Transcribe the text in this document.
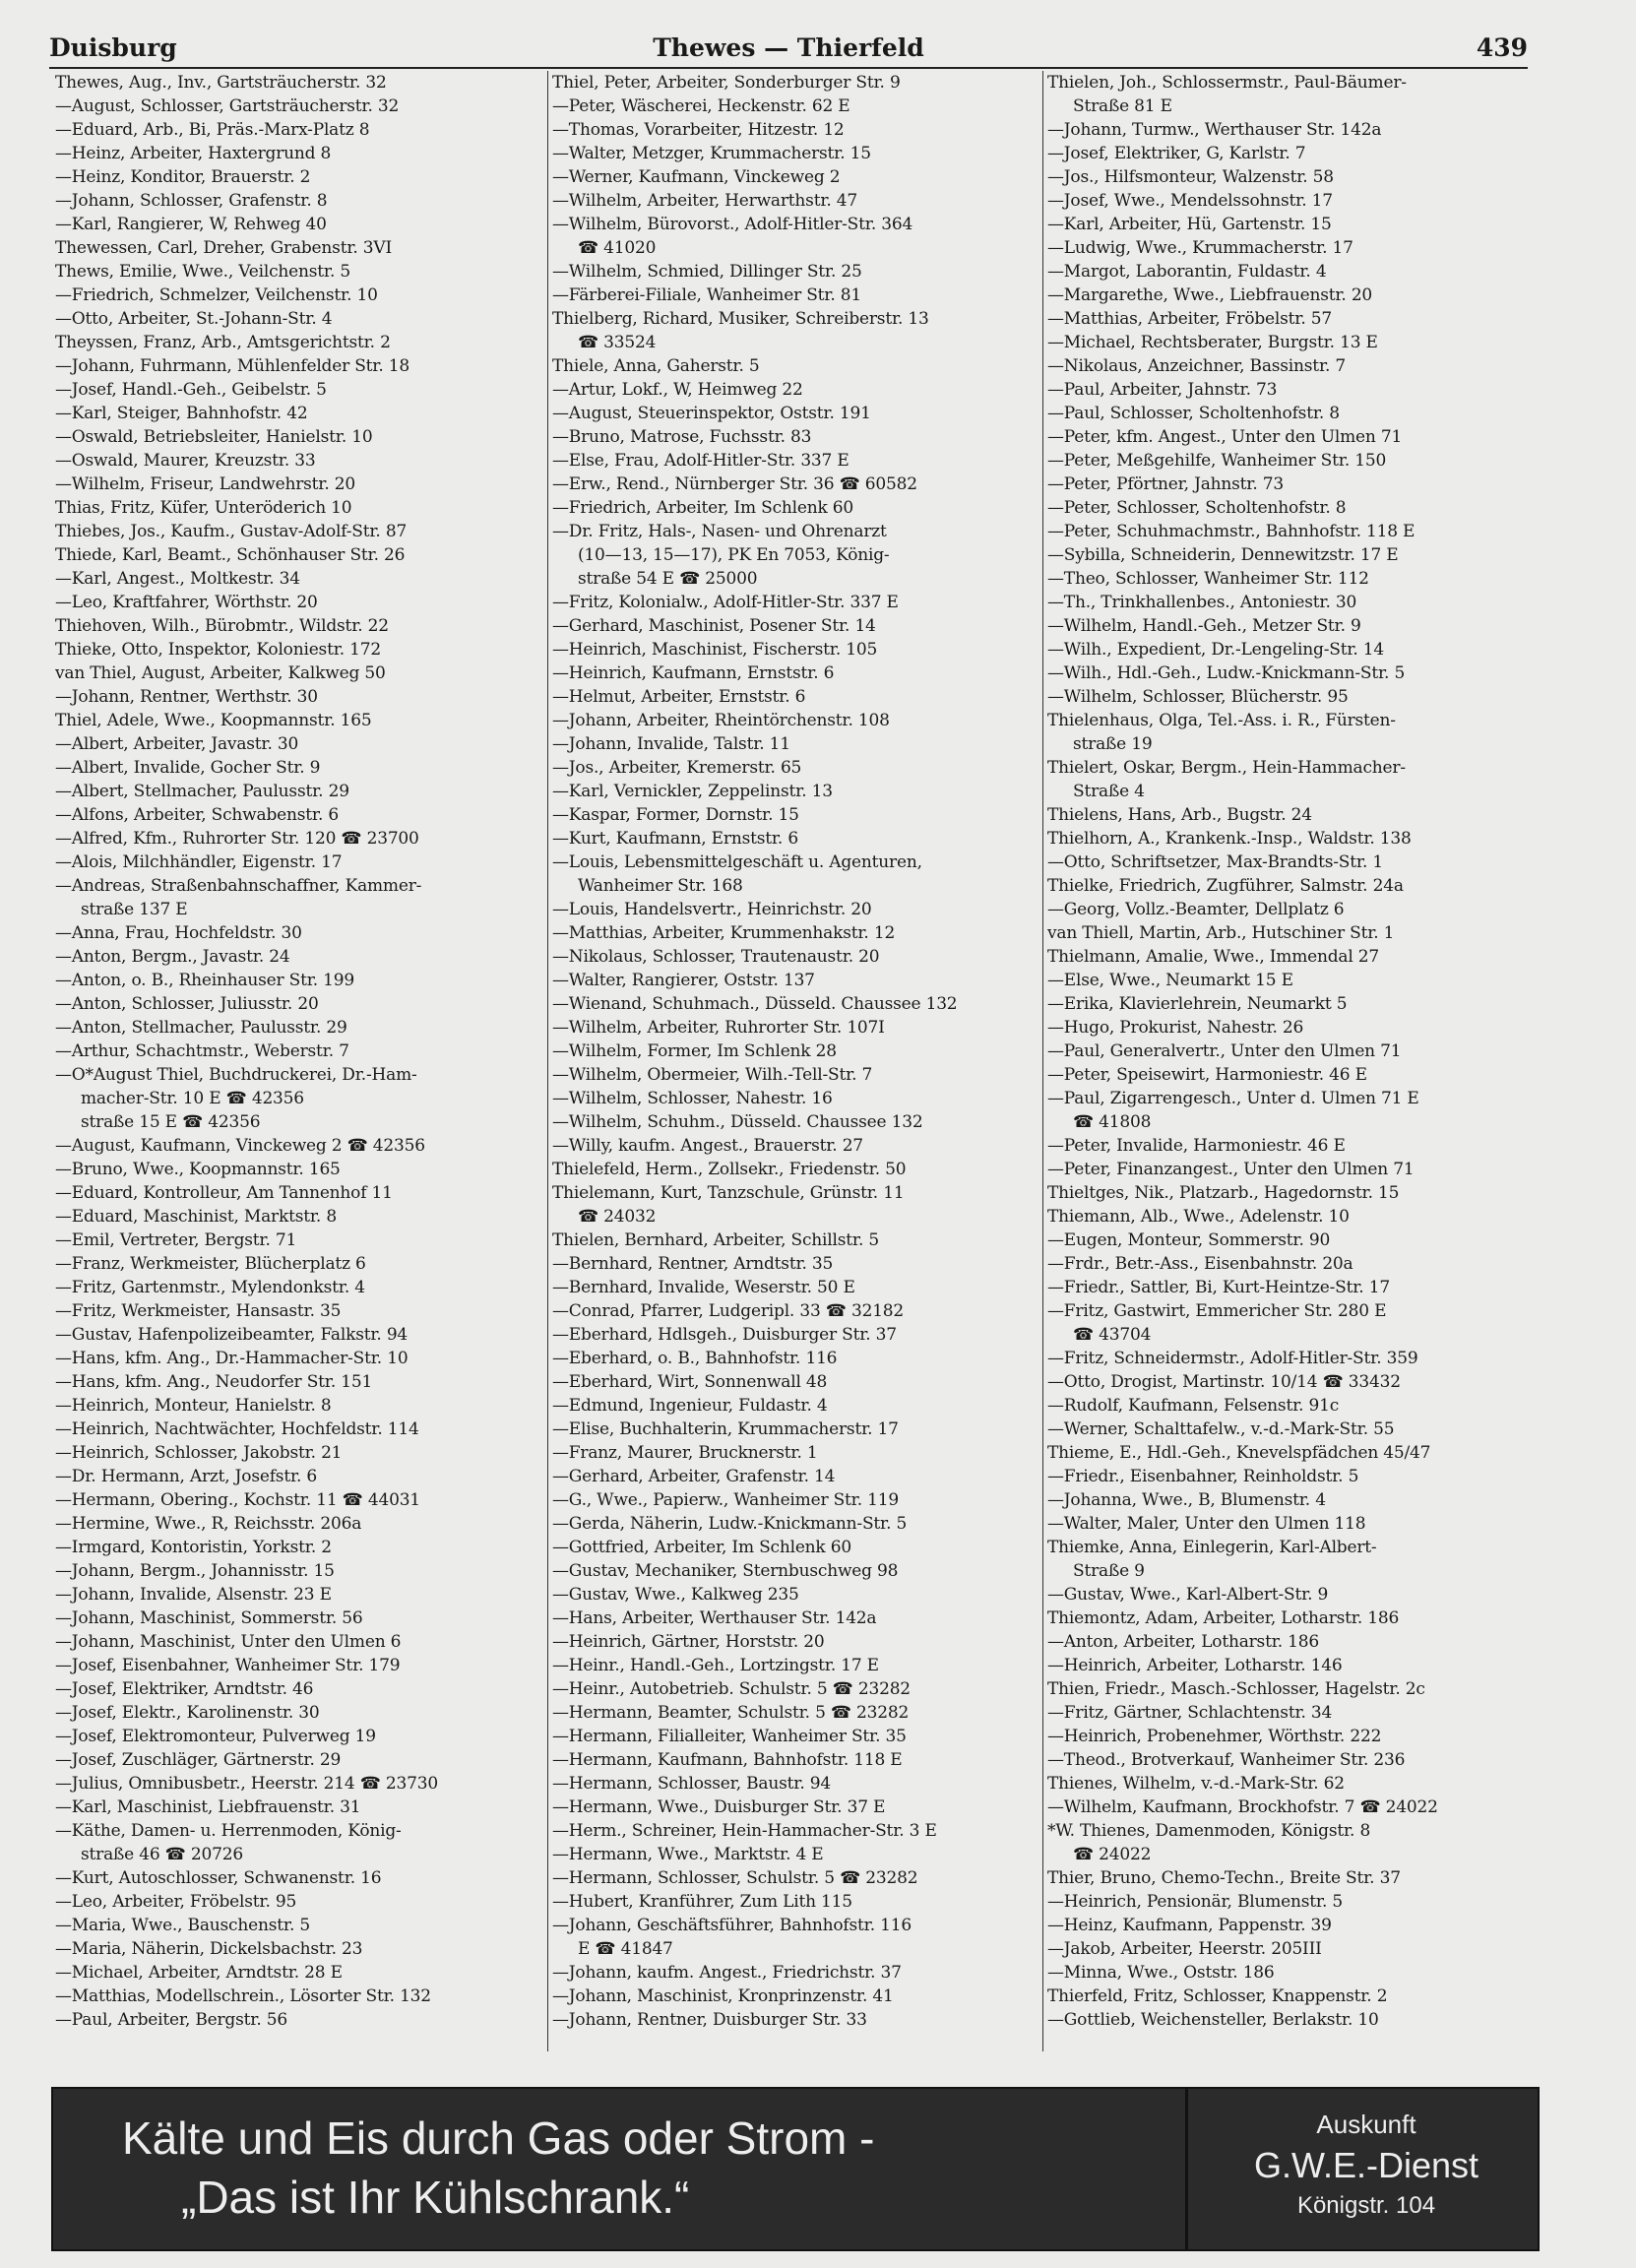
Duisburg	Thewes — Thierfeld	439
Thewes, Aug., Inv., Gartsträucherstr. 32
—August, Schlosser, Gartsträucherstr. 32
—Eduard, Arb., Bi, Präs.-Marx-Platz 8
—Heinz, Arbeiter, Haxtergrund 8
—Heinz, Konditor, Brauerstr. 2
—Johann, Schlosser, Grafenstr. 8
—Karl, Rangierer, W, Rehweg 40
Thewessen, Carl, Dreher, Grabenstr. 3VI
Thews, Emilie, Wwe., Veilchenstr. 5
—Friedrich, Schmelzer, Veilchenstr. 10
—Otto, Arbeiter, St.-Johann-Str. 4
Theyssen, Franz, Arb., Amtsgerichtstr. 2
—Johann, Fuhrmann, Mühlenfelder Str. 18
—Josef, Handl.-Geh., Geibelstr. 5
—Karl, Steiger, Bahnhofstr. 42
—Oswald, Betriebsleiter, Hanielstr. 10
—Oswald, Maurer, Kreuzstr. 33
—Wilhelm, Friseur, Landwehrstr. 20
Thias, Fritz, Küfer, Unteröderich 10
Thiebes, Jos., Kaufm., Gustav-Adolf-Str. 87
Thiede, Karl, Beamt., Schönhauser Str. 26
—Karl, Angest., Moltkestr. 34
—Leo, Kraftfahrer, Wörthstr. 20
Thiehoven, Wilh., Bürobmtr., Wildstr. 22
Thieke, Otto, Inspektor, Koloniestr. 172
van Thiel, August, Arbeiter, Kalkweg 50
—Johann, Rentner, Werthstr. 30
Thiel, Adele, Wwe., Koopmannstr. 165
—Albert, Arbeiter, Javastr. 30
—Albert, Invalide, Gocher Str. 9
—Albert, Stellmacher, Paulusstr. 29
—Alfons, Arbeiter, Schwabenstr. 6
—Alfred, Kfm., Ruhrorter Str. 120 ☎ 23700
—Alois, Milchhändler, Eigenstr. 17
—Andreas, Straßenbahnschaffner, Kammer-
straße 137 E
—Anna, Frau, Hochfeldstr. 30
—Anton, Bergm., Javastr. 24
—Anton, o. B., Rheinhauser Str. 199
—Anton, Schlosser, Juliusstr. 20
—Anton, Stellmacher, Paulusstr. 29
—Arthur, Schachtmstr., Weberstr. 7
—O*August Thiel, Buchdruckerei, Dr.-Ham-
macher-Str. 10 E ☎ 42356
straße 15 E ☎ 42356
—August, Kaufmann, Vinckeweg 2 ☎ 42356
—Bruno, Wwe., Koopmannstr. 165
—Eduard, Kontrolleur, Am Tannenhof 11
—Eduard, Maschinist, Marktstr. 8
—Emil, Vertreter, Bergstr. 71
—Franz, Werkmeister, Blücherplatz 6
—Fritz, Gartenmstr., Mylendonkstr. 4
—Fritz, Werkmeister, Hansastr. 35
—Gustav, Hafenpolizeibeamter, Falkstr. 94
—Hans, kfm. Ang., Dr.-Hammacher-Str. 10
—Hans, kfm. Ang., Neudorfer Str. 151
—Heinrich, Monteur, Hanielstr. 8
—Heinrich, Nachtwächter, Hochfeldstr. 114
—Heinrich, Schlosser, Jakobstr. 21
—Dr. Hermann, Arzt, Josefstr. 6
—Hermann, Obering., Kochstr. 11 ☎ 44031
—Hermine, Wwe., R, Reichsstr. 206a
—Irmgard, Kontoristin, Yorkstr. 2
—Johann, Bergm., Johannisstr. 15
—Johann, Invalide, Alsenstr. 23 E
—Johann, Maschinist, Sommerstr. 56
—Johann, Maschinist, Unter den Ulmen 6
—Josef, Eisenbahner, Wanheimer Str. 179
—Josef, Elektriker, Arndtstr. 46
—Josef, Elektr., Karolinenstr. 30
—Josef, Elektromonteur, Pulverweg 19
—Josef, Zuschläger, Gärtnerstr. 29
—Julius, Omnibusbetr., Heerstr. 214 ☎ 23730
—Karl, Maschinist, Liebfrauenstr. 31
—Käthe, Damen- u. Herrenmoden, König-
straße 46 ☎ 20726
—Kurt, Autoschlosser, Schwanenstr. 16
—Leo, Arbeiter, Fröbelstr. 95
—Maria, Wwe., Bauschenstr. 5
—Maria, Näherin, Dickelsbachstr. 23
—Michael, Arbeiter, Arndtstr. 28 E
—Matthias, Modellschrein., Lösorter Str. 132
—Paul, Arbeiter, Bergstr. 56
Thiel, Peter, Arbeiter, Sonderburger Str. 9
—Peter, Wäscherei, Heckenstr. 62 E
—Thomas, Vorarbeiter, Hitzestr. 12
—Walter, Metzger, Krummacherstr. 15
—Werner, Kaufmann, Vinckeweg 2
—Wilhelm, Arbeiter, Herwarthstr. 47
—Wilhelm, Bürovorst., Adolf-Hitler-Str. 364
☎ 41020
—Wilhelm, Schmied, Dillinger Str. 25
—Färberei-Filiale, Wanheimer Str. 81
Thielberg, Richard, Musiker, Schreiberstr. 13
☎ 33524
Thiele, Anna, Gaherstr. 5
—Artur, Lokf., W, Heimweg 22
—August, Steuerinspektor, Oststr. 191
—Bruno, Matrose, Fuchsstr. 83
—Else, Frau, Adolf-Hitler-Str. 337 E
—Erw., Rend., Nürnberger Str. 36 ☎ 60582
—Friedrich, Arbeiter, Im Schlenk 60
—Dr. Fritz, Hals-, Nasen- und Ohrenarzt
(10—13, 15—17), PK En 7053, König-
straße 54 E ☎ 25000
—Fritz, Kolonialw., Adolf-Hitler-Str. 337 E
—Gerhard, Maschinist, Posener Str. 14
—Heinrich, Maschinist, Fischerstr. 105
—Heinrich, Kaufmann, Ernststr. 6
—Helmut, Arbeiter, Ernststr. 6
—Johann, Arbeiter, Rheintörchenstr. 108
—Johann, Invalide, Talstr. 11
—Jos., Arbeiter, Kremerstr. 65
—Karl, Vernickler, Zeppelinstr. 13
—Kaspar, Former, Dornstr. 15
—Kurt, Kaufmann, Ernststr. 6
—Louis, Lebensmittelgeschäft u. Agenturen,
Wanheimer Str. 168
—Louis, Handelsvertr., Heinrichstr. 20
—Matthias, Arbeiter, Krummenhakstr. 12
—Nikolaus, Schlosser, Trautenaustr. 20
—Walter, Rangierer, Oststr. 137
—Wienand, Schuhmach., Düsseld. Chaussee 132
—Wilhelm, Arbeiter, Ruhrorter Str. 107I
—Wilhelm, Former, Im Schlenk 28
—Wilhelm, Obermeier, Wilh.-Tell-Str. 7
—Wilhelm, Schlosser, Nahestr. 16
—Wilhelm, Schuhm., Düsseld. Chaussee 132
—Willy, kaufm. Angest., Brauerstr. 27
Thielefeld, Herm., Zollsekr., Friedenstr. 50
Thielemann, Kurt, Tanzschule, Grünstr. 11
☎ 24032
Thielen, Bernhard, Arbeiter, Schillstr. 5
—Bernhard, Rentner, Arndtstr. 35
—Bernhard, Invalide, Weserstr. 50 E
—Conrad, Pfarrer, Ludgeripl. 33 ☎ 32182
—Eberhard, Hdlsgeh., Duisburger Str. 37
—Eberhard, o. B., Bahnhofstr. 116
—Eberhard, Wirt, Sonnenwall 48
—Edmund, Ingenieur, Fuldastr. 4
—Elise, Buchhalterin, Krummacherstr. 17
—Franz, Maurer, Brucknerstr. 1
—Gerhard, Arbeiter, Grafenstr. 14
—G., Wwe., Papierw., Wanheimer Str. 119
—Gerda, Näherin, Ludw.-Knickmann-Str. 5
—Gottfried, Arbeiter, Im Schlenk 60
—Gustav, Mechaniker, Sternbuschweg 98
—Gustav, Wwe., Kalkweg 235
—Hans, Arbeiter, Werthauser Str. 142a
—Heinrich, Gärtner, Horststr. 20
—Heinr., Handl.-Geh., Lortzingstr. 17 E
—Heinr., Autobetrieb. Schulstr. 5 ☎ 23282
—Hermann, Beamter, Schulstr. 5 ☎ 23282
—Hermann, Filialleiter, Wanheimer Str. 35
—Hermann, Kaufmann, Bahnhofstr. 118 E
—Hermann, Schlosser, Baustr. 94
—Hermann, Wwe., Duisburger Str. 37 E
—Herm., Schreiner, Hein-Hammacher-Str. 3 E
—Hermann, Wwe., Marktstr. 4 E
—Hermann, Schlosser, Schulstr. 5 ☎ 23282
—Hubert, Kranführer, Zum Lith 115
—Johann, Geschäftsführer, Bahnhofstr. 116
E ☎ 41847
—Johann, kaufm. Angest., Friedrichstr. 37
—Johann, Maschinist, Kronprinzenstr. 41
—Johann, Rentner, Duisburger Str. 33
Thielen, Joh., Schlossermstr., Paul-Bäumer-
Straße 81 E
—Johann, Turmw., Werthauser Str. 142a
—Josef, Elektriker, G, Karlstr. 7
—Jos., Hilfsmonteur, Walzenstr. 58
—Josef, Wwe., Mendelssohnstr. 17
—Karl, Arbeiter, Hü, Gartenstr. 15
—Ludwig, Wwe., Krummacherstr. 17
—Margot, Laborantin, Fuldastr. 4
—Margarethe, Wwe., Liebfrauenstr. 20
—Matthias, Arbeiter, Fröbelstr. 57
—Michael, Rechtsberater, Burgstr. 13 E
—Nikolaus, Anzeichner, Bassinstr. 7
—Paul, Arbeiter, Jahnstr. 73
—Paul, Schlosser, Scholtenhofstr. 8
—Peter, kfm. Angest., Unter den Ulmen 71
—Peter, Meßgehilfe, Wanheimer Str. 150
—Peter, Pförtner, Jahnstr. 73
—Peter, Schlosser, Scholtenhofstr. 8
—Peter, Schuhmachmstr., Bahnhofstr. 118 E
—Sybilla, Schneiderin, Dennewitzstr. 17 E
—Theo, Schlosser, Wanheimer Str. 112
—Th., Trinkhallenbes., Antoniestr. 30
—Wilhelm, Handl.-Geh., Metzer Str. 9
—Wilh., Expedient, Dr.-Lengeling-Str. 14
—Wilh., Hdl.-Geh., Ludw.-Knickmann-Str. 5
—Wilhelm, Schlosser, Blücherstr. 95
Thielenhaus, Olga, Tel.-Ass. i. R., Fürsten-
straße 19
Thielert, Oskar, Bergm., Hein-Hammacher-
Straße 4
Thielens, Hans, Arb., Bugstr. 24
Thielhorn, A., Krankenk.-Insp., Waldstr. 138
—Otto, Schriftsetzer, Max-Brandts-Str. 1
Thielke, Friedrich, Zugführer, Salmstr. 24a
—Georg, Vollz.-Beamter, Dellplatz 6
van Thiell, Martin, Arb., Hutschiner Str. 1
Thielmann, Amalie, Wwe., Immendal 27
—Else, Wwe., Neumarkt 15 E
—Erika, Klavierlehrein, Neumarkt 5
—Hugo, Prokurist, Nahestr. 26
—Paul, Generalvertr., Unter den Ulmen 71
—Peter, Speisewirt, Harmoniestr. 46 E
—Paul, Zigarrengesch., Unter d. Ulmen 71 E
☎ 41808
—Peter, Invalide, Harmoniestr. 46 E
—Peter, Finanzangest., Unter den Ulmen 71
Thieltges, Nik., Platzarb., Hagedornstr. 15
Thiemann, Alb., Wwe., Adelenstr. 10
—Eugen, Monteur, Sommerstr. 90
—Frdr., Betr.-Ass., Eisenbahnstr. 20a
—Friedr., Sattler, Bi, Kurt-Heintze-Str. 17
—Fritz, Gastwirt, Emmericher Str. 280 E
☎ 43704
—Fritz, Schneidermstr., Adolf-Hitler-Str. 359
—Otto, Drogist, Martinstr. 10/14 ☎ 33432
—Rudolf, Kaufmann, Felsenstr. 91c
—Werner, Schalttafelw., v.-d.-Mark-Str. 55
Thieme, E., Hdl.-Geh., Knevelspfädchen 45/47
—Friedr., Eisenbahner, Reinholdstr. 5
—Johanna, Wwe., B, Blumenstr. 4
—Walter, Maler, Unter den Ulmen 118
Thiemke, Anna, Einlegerin, Karl-Albert-
Straße 9
—Gustav, Wwe., Karl-Albert-Str. 9
Thiemontz, Adam, Arbeiter, Lotharstr. 186
—Anton, Arbeiter, Lotharstr. 186
—Heinrich, Arbeiter, Lotharstr. 146
Thien, Friedr., Masch.-Schlosser, Hagelstr. 2c
—Fritz, Gärtner, Schlachtenstr. 34
—Heinrich, Probenehmer, Wörthstr. 222
—Theod., Brotverkauf, Wanheimer Str. 236
Thienes, Wilhelm, v.-d.-Mark-Str. 62
—Wilhelm, Kaufmann, Brockhofstr. 7 ☎ 24022
*W. Thienes, Damenmoden, Königstr. 8
☎ 24022
Thier, Bruno, Chemo-Techn., Breite Str. 37
—Heinrich, Pensionär, Blumenstr. 5
—Heinz, Kaufmann, Pappenstr. 39
—Jakob, Arbeiter, Heerstr. 205III
—Minna, Wwe., Oststr. 186
Thierfeld, Fritz, Schlosser, Knappenstr. 2
—Gottlieb, Weichensteller, Berlakstr. 10
Kälte und Eis durch Gas oder Strom -
„Das ist Ihr Kühlschrank.“
Auskunft
G.W.E.-Dienst
Königstr. 104
